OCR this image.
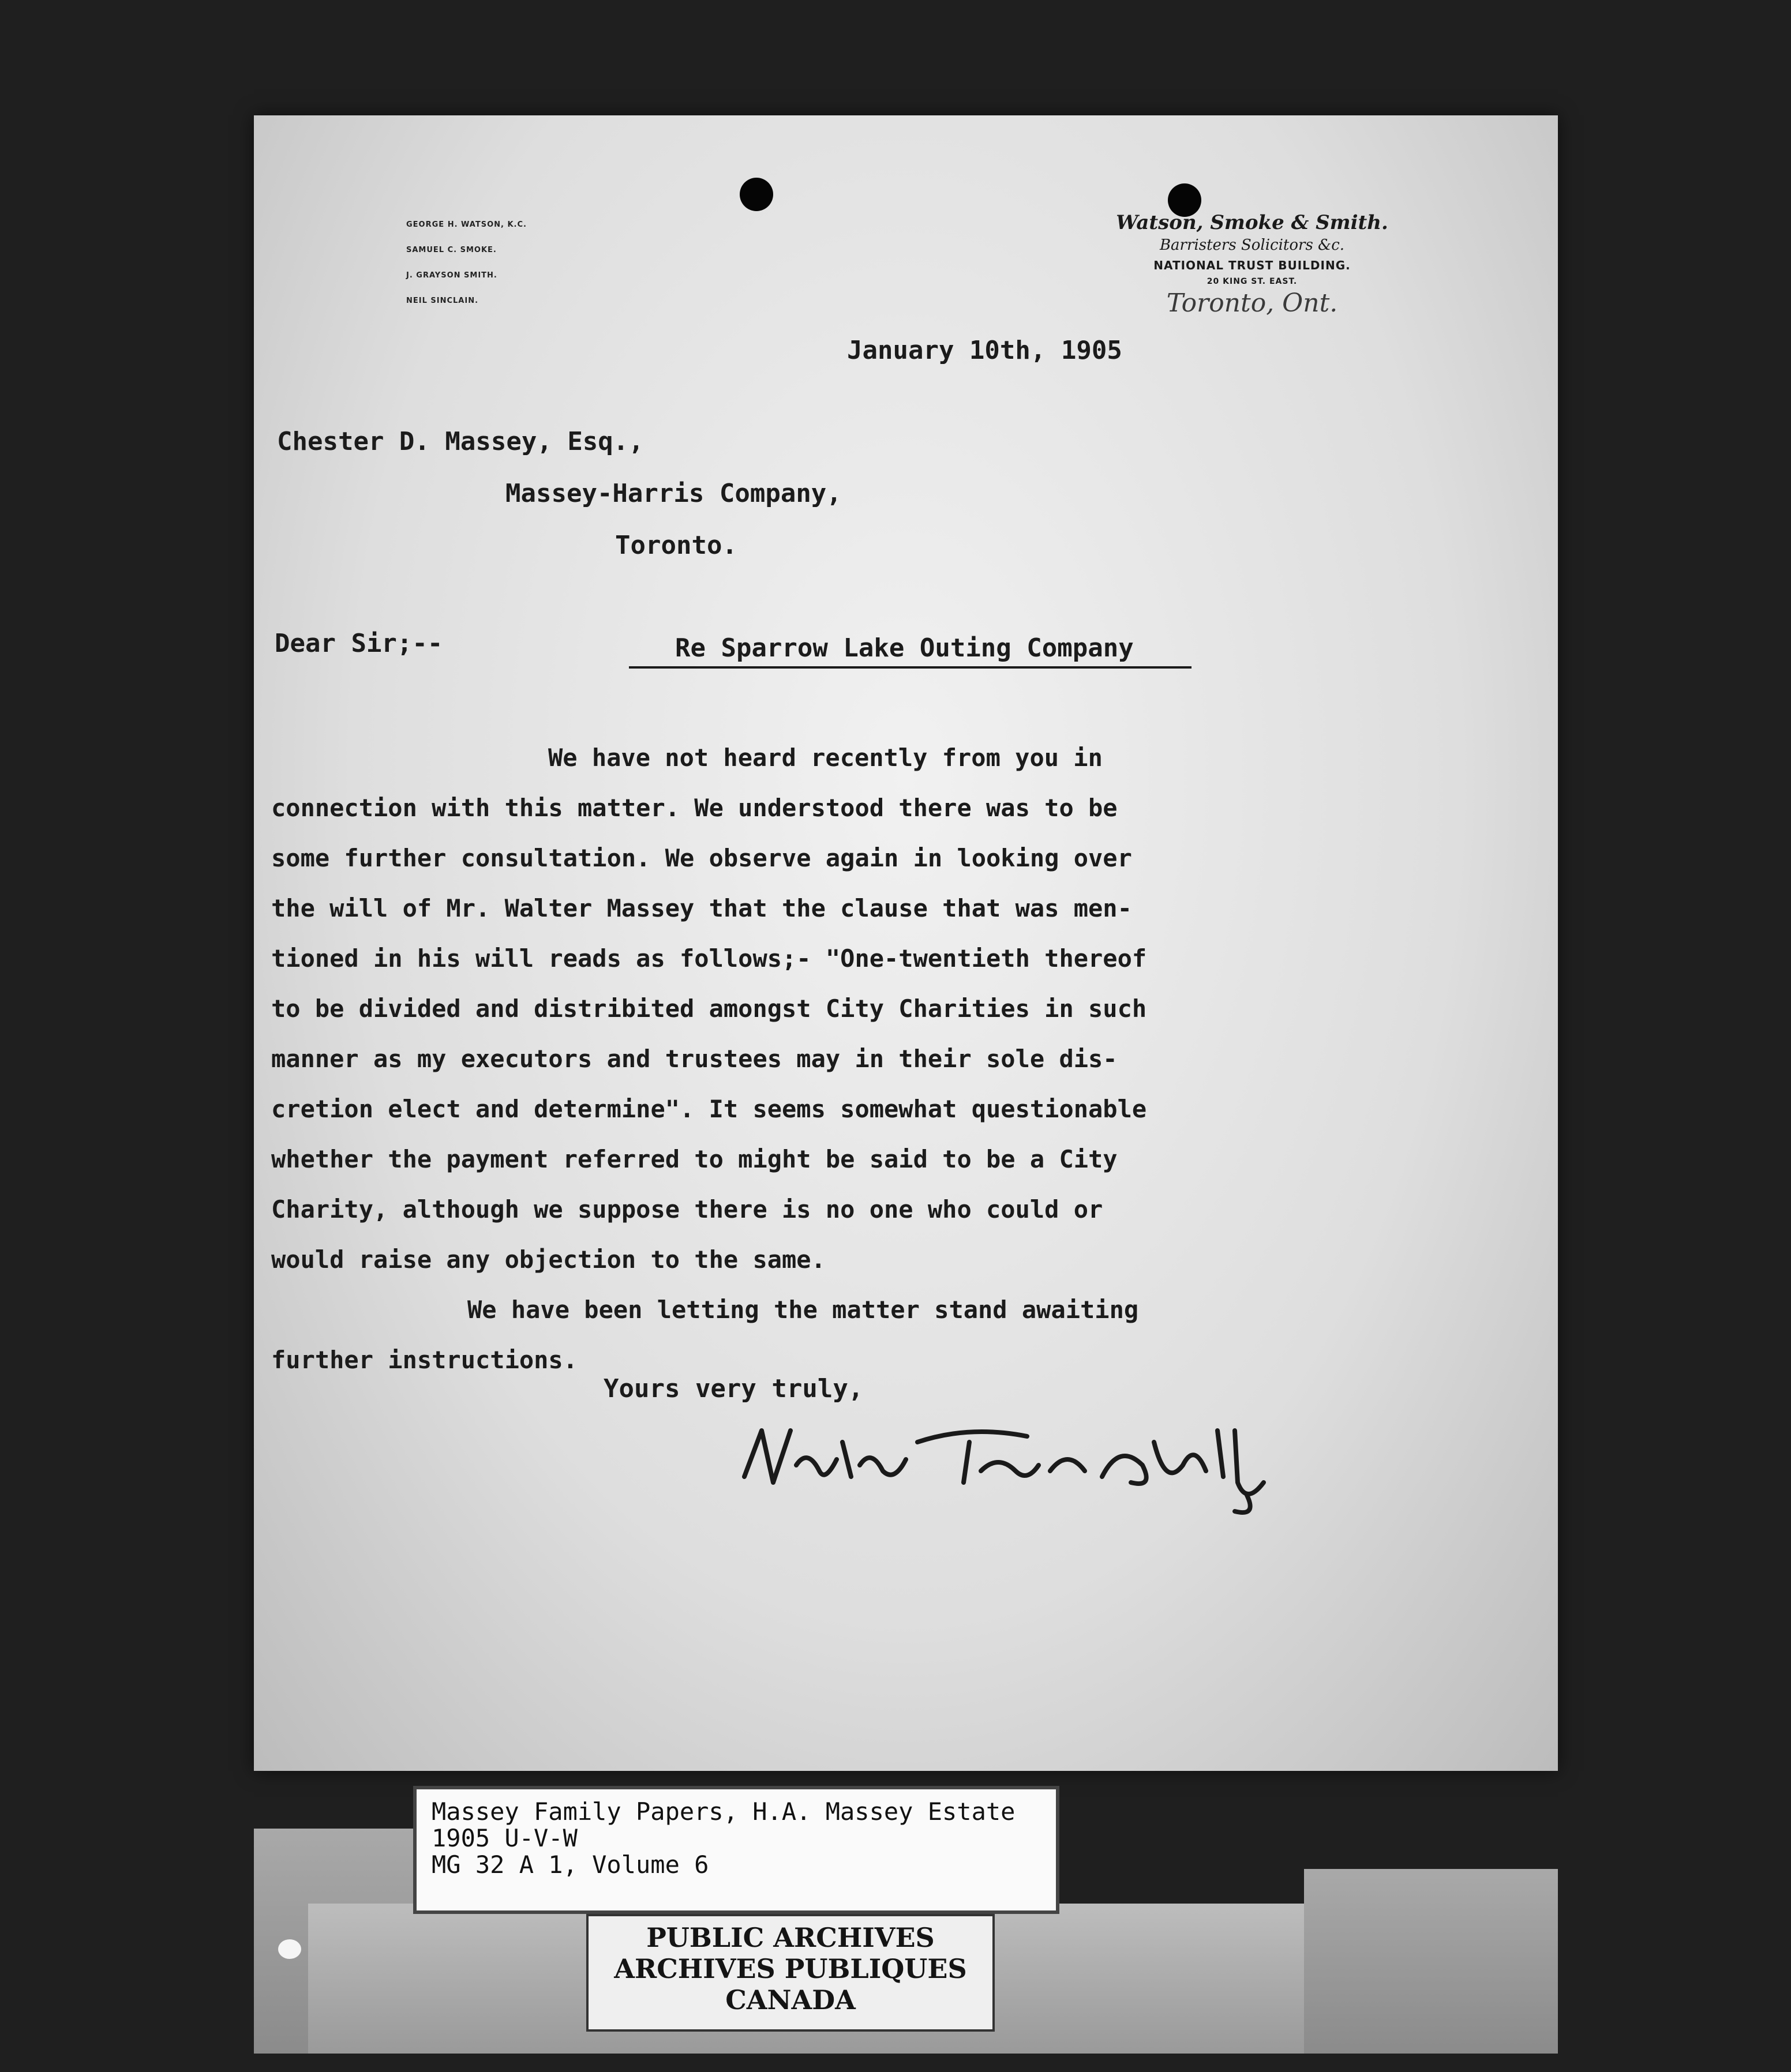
GEORGE H. WATSON, K.C.
SAMUEL C. SMOKE.
J. GRAYSON SMITH.
NEIL SINCLAIN.
Watson, Smoke & Smith.
Barristers Solicitors &c.
NATIONAL TRUST BUILDING.
20 KING ST. EAST.
Toronto, Ont.
January 10th, 1905
Chester D. Massey, Esq.,
Massey-Harris Company,
Toronto.
Dear Sir;--	Re Sparrow Lake Outing Company
We have not heard recently from you in
connection with this matter. We understood there was to be
some further consultation. We observe again in looking over
the will of Mr. Walter Massey that the clause that was men-
tioned in his will reads as follows;- "One-twentieth thereof
to be divided and distribited amongst City Charities in such
manner as my executors and trustees may in their sole dis-
cretion elect and determine". It seems somewhat questionable
whether the payment referred to might be said to be a City
Charity, although we suppose there is no one who could or
would raise any objection to the same.
We have been letting the matter stand awaiting
further instructions.
Yours very truly,
Massey Family Papers, H.A. Massey Estate
1905 U-V-W
MG 32 A 1, Volume 6
PUBLIC ARCHIVES
ARCHIVES PUBLIQUES
CANADA
